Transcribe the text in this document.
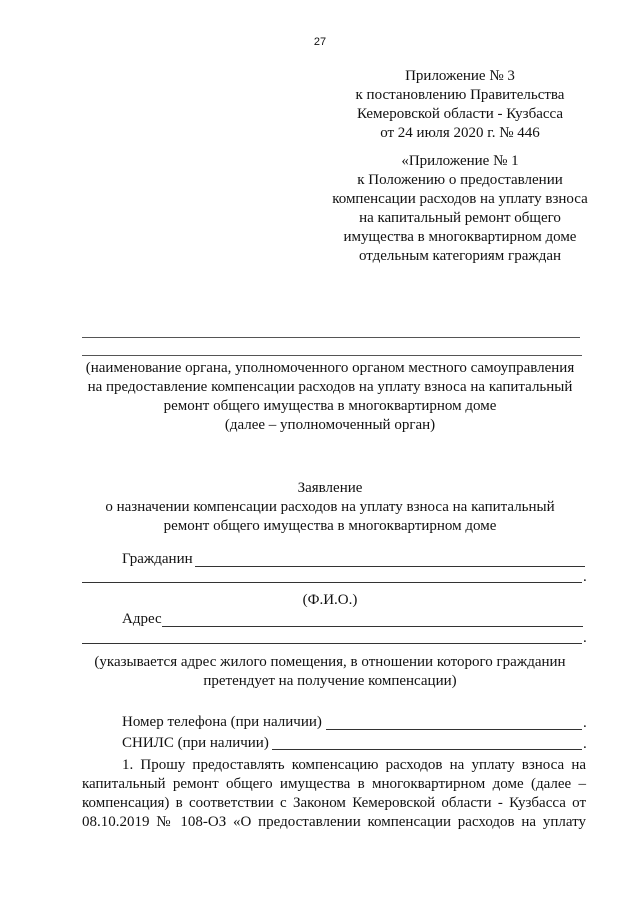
27
Приложение № 3
к постановлению Правительства
Кемеровской области - Кузбасса
от 24 июля 2020 г. № 446
«Приложение № 1
к Положению о предоставлении
компенсации расходов на уплату взноса
на капитальный ремонт общего
имущества в многоквартирном доме
отдельным категориям граждан
(наименование органа, уполномоченного органом местного самоуправления
на предоставление компенсации расходов на уплату взноса на капитальный
ремонт общего имущества в многоквартирном доме
(далее – уполномоченный орган)
Заявление
о назначении компенсации расходов на уплату взноса на капитальный
ремонт общего имущества в многоквартирном доме
Гражданин
.
(Ф.И.О.)
Адрес
.
(указывается адрес жилого помещения, в отношении которого гражданин
претендует на получение компенсации)
Номер телефона (при наличии)	.
СНИЛС (при наличии)	.
1. Прошу предоставлять компенсацию расходов на уплату взноса на
капитальный ремонт общего имущества в многоквартирном доме (далее –
компенсация) в соответствии с Законом Кемеровской области - Кузбасса от
08.10.2019 № 108-ОЗ «О предоставлении компенсации расходов на уплату
